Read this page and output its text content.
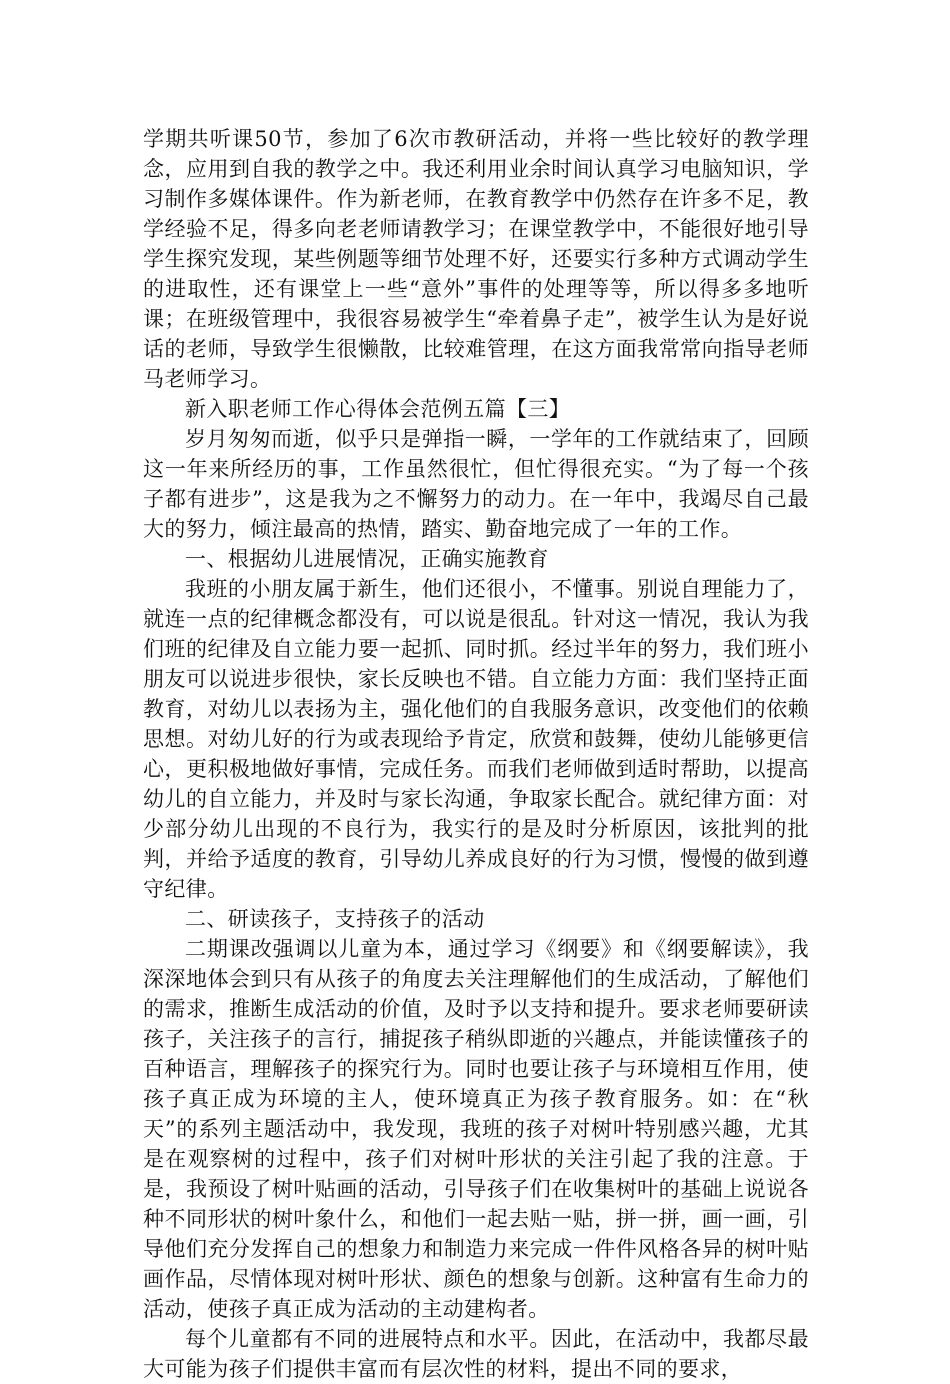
学期共听课50节，参加了6次市教研活动，并将一些比较好的教学理念，应用到自我的教学之中。我还利用业余时间认真学习电脑知识，学习制作多媒体课件。作为新老师，在教育教学中仍然存在许多不足，教学经验不足，得多向老老师请教学习；在课堂教学中，不能很好地引导学生探究发现，某些例题等细节处理不好，还要实行多种方式调动学生的进取性，还有课堂上一些“意外”事件的处理等等，所以得多多地听课；在班级管理中，我很容易被学生“牵着鼻子走”，被学生认为是好说话的老师，导致学生很懒散，比较难管理，在这方面我常常向指导老师马老师学习。

新入职老师工作心得体会范例五篇【三】

岁月匆匆而逝，似乎只是弹指一瞬，一学年的工作就结束了，回顾这一年来所经历的事，工作虽然很忙，但忙得很充实。“为了每一个孩子都有进步”，这是我为之不懈努力的动力。在一年中，我竭尽自己最大的努力，倾注最高的热情，踏实、勤奋地完成了一年的工作。

一、根据幼儿进展情况，正确实施教育

我班的小朋友属于新生，他们还很小，不懂事。别说自理能力了，就连一点的纪律概念都没有，可以说是很乱。针对这一情况，我认为我们班的纪律及自立能力要一起抓、同时抓。经过半年的努力，我们班小朋友可以说进步很快，家长反映也不错。自立能力方面：我们坚持正面教育，对幼儿以表扬为主，强化他们的自我服务意识，改变他们的依赖思想。对幼儿好的行为或表现给予肯定，欣赏和鼓舞，使幼儿能够更信心，更积极地做好事情，完成任务。而我们老师做到适时帮助，以提高幼儿的自立能力，并及时与家长沟通，争取家长配合。就纪律方面：对少部分幼儿出现的不良行为，我实行的是及时分析原因，该批判的批判，并给予适度的教育，引导幼儿养成良好的行为习惯，慢慢的做到遵守纪律。

二、研读孩子，支持孩子的活动

二期课改强调以儿童为本，通过学习《纲要》和《纲要解读》，我深深地体会到只有从孩子的角度去关注理解他们的生成活动，了解他们的需求，推断生成活动的价值，及时予以支持和提升。要求老师要研读孩子，关注孩子的言行，捕捉孩子稍纵即逝的兴趣点，并能读懂孩子的百种语言，理解孩子的探究行为。同时也要让孩子与环境相互作用，使孩子真正成为环境的主人，使环境真正为孩子教育服务。如：在“秋天”的系列主题活动中，我发现，我班的孩子对树叶特别感兴趣，尤其是在观察树的过程中，孩子们对树叶形状的关注引起了我的注意。于是，我预设了树叶贴画的活动，引导孩子们在收集树叶的基础上说说各种不同形状的树叶象什么，和他们一起去贴一贴，拼一拼，画一画，引导他们充分发挥自己的想象力和制造力来完成一件件风格各异的树叶贴画作品，尽情体现对树叶形状、颜色的想象与创新。这种富有生命力的活动，使孩子真正成为活动的主动建构者。

每个儿童都有不同的进展特点和水平。因此，在活动中，我都尽最大可能为孩子们提供丰富而有层次性的材料，提出不同的要求，
